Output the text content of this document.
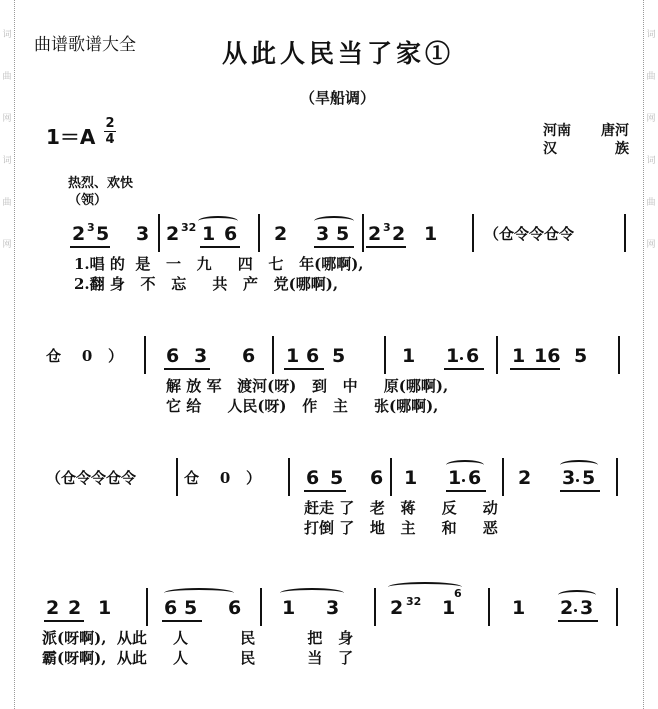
词
曲
网
词
曲
网
词
曲
网
词
曲
网
曲谱歌谱大全	从此人民当了家①
（旱船调）
1＝A
2
4
河南 唐河
汉	族
热烈、欢快
（领）
2 3 5 3 2 32 1 6 2 3 5 2 3 2 1	（仓令令仓令
1.唱 的  是   一   九     四   七   年(哪啊),
2.翻 身   不   忘     共   产   党(哪啊),
仓    0   ） 6 3 6 1 6 5	1 1 6 1 16 5
解 放 军   渡河(呀)   到   中     原(哪啊),
它 给     人民(呀)   作   主     张(哪啊),
（仓令令仓令	仓    0   ） 6 5 6 1 1 6 2 3 5
赶走 了   老   蒋     反     动
打倒 了   地   主     和     恶
2 2 1	6 5 6 1 3	2 32 1
6
1 2 3
派(呀啊),  从此     人          民          把   身
霸(呀啊),  从此     人          民          当   了
